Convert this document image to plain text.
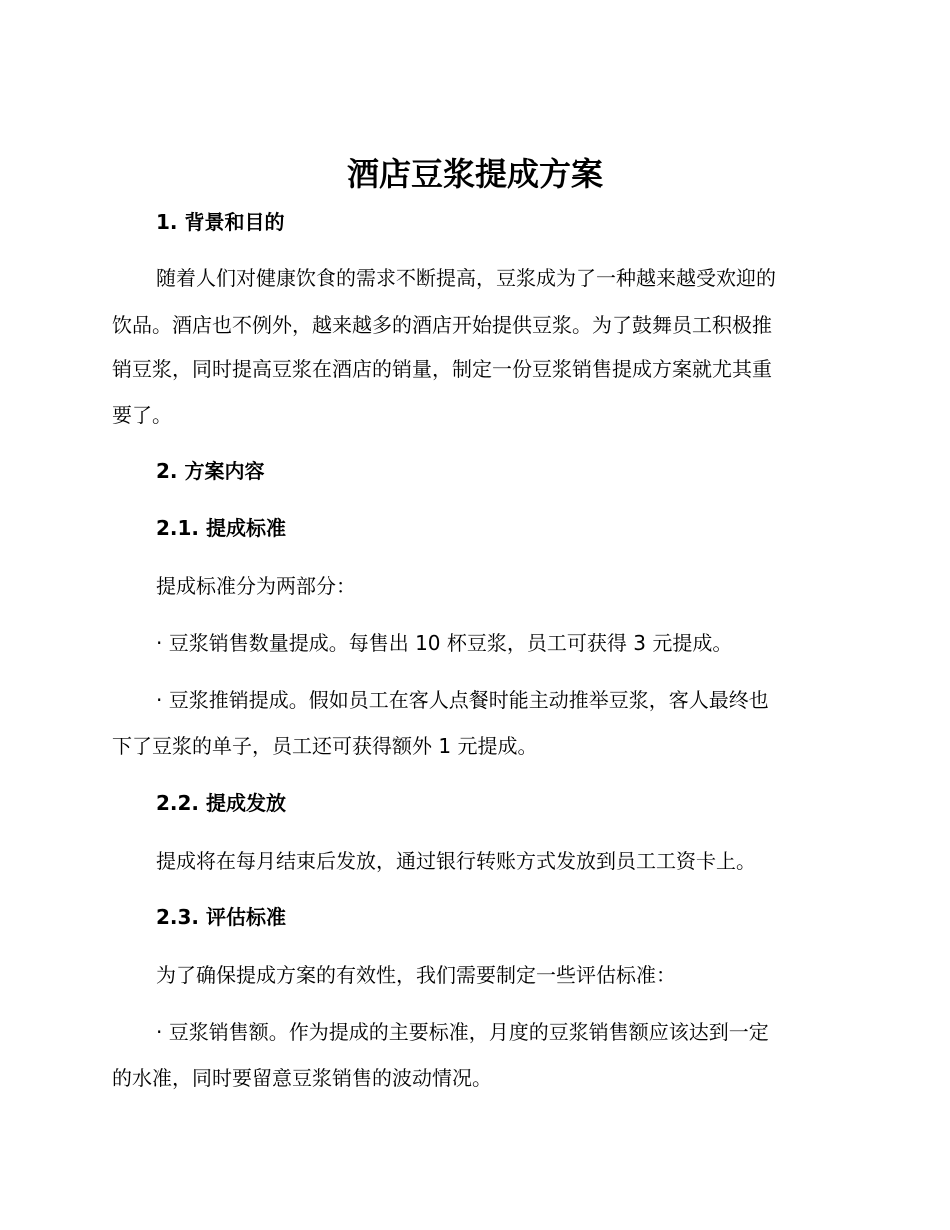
酒店豆浆提成方案
1. 背景和目的
随着人们对健康饮食的需求不断提高，豆浆成为了一种越来越受欢迎的
饮品。酒店也不例外，越来越多的酒店开始提供豆浆。为了鼓舞员工积极推
销豆浆，同时提高豆浆在酒店的销量，制定一份豆浆销售提成方案就尤其重
要了。
2. 方案内容
2.1. 提成标准
提成标准分为两部分：
· 豆浆销售数量提成。每售出 10 杯豆浆，员工可获得 3 元提成。
· 豆浆推销提成。假如员工在客人点餐时能主动推举豆浆，客人最终也
下了豆浆的单子，员工还可获得额外 1 元提成。
2.2. 提成发放
提成将在每月结束后发放，通过银行转账方式发放到员工工资卡上。
2.3. 评估标准
为了确保提成方案的有效性，我们需要制定一些评估标准：
· 豆浆销售额。作为提成的主要标准，月度的豆浆销售额应该达到一定
的水准，同时要留意豆浆销售的波动情况。
